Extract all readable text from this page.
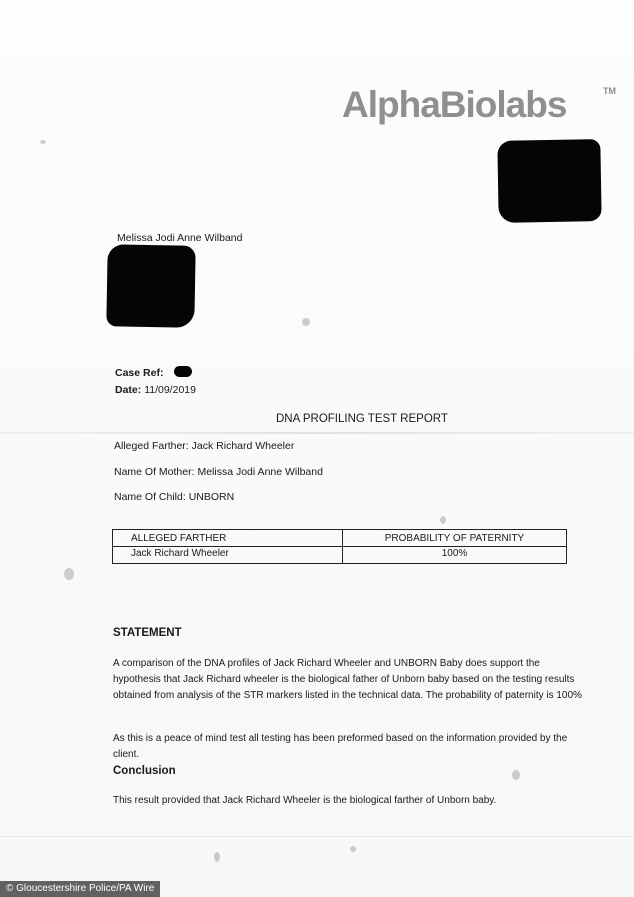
AlphaBiolabs	TM
Melissa Jodi Anne Wilband
Case Ref:
Date: 11/09/2019
DNA PROFILING TEST REPORT
Alleged Farther: Jack Richard Wheeler
Name Of Mother: Melissa Jodi Anne Wilband
Name Of Child: UNBORN
ALLEGED FARTHER	PROBABILITY OF PATERNITY
Jack Richard Wheeler	100%
STATEMENT
A comparison of the DNA profiles of Jack Richard Wheeler and UNBORN Baby does support the hypothesis that Jack Richard wheeler is the biological father of Unborn baby based on the testing results obtained from analysis of the STR markers listed in the technical data. The probability of paternity is 100%
As this is a peace of mind test all testing has been preformed based on the information provided by the client.
Conclusion
This result provided that Jack Richard Wheeler is the biological farther of Unborn baby.
© Gloucestershire Police/PA Wire
